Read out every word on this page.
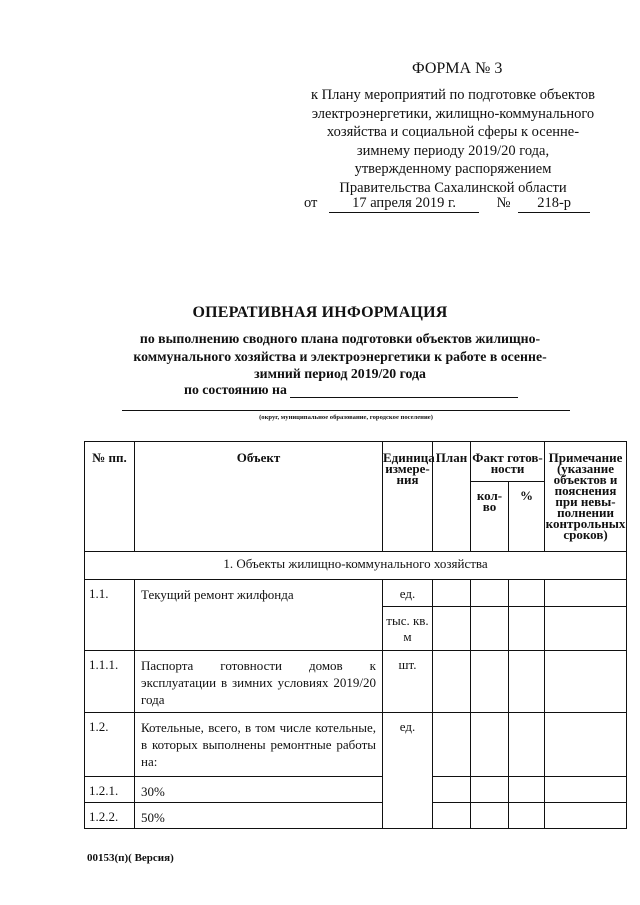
ФОРМА № 3
к Плану мероприятий по подготовке объектов
электроэнергетики, жилищно-коммунального
хозяйства и социальной сферы к осенне-
зимнему периоду 2019/20 года,
утвержденному распоряжением
Правительства Сахалинской области
от 17 апреля 2019 г.	№ 218-р
ОПЕРАТИВНАЯ ИНФОРМАЦИЯ
по выполнению сводного плана подготовки объектов жилищно-
коммунального хозяйства и электроэнергетики к работе в осенне-
зимний период 2019/20 года
по состоянию на
(округ, муниципальное образование, городское поселение)
№ пп.	Объект	Единица измере-ния	План	Факт готов-ности		Примечание (указание объектов и пояснения при невы-полнении контрольных сроков)
				кол-во	%	
1. Объекты жилищно-коммунального хозяйства						
1.1.	Текущий ремонт жилфонда	ед.				
		тыс. кв. м				
1.1.1.	Паспорта готовности домов к эксплуатации в зимних условиях 2019/20 года	шт.				
1.2.	Котельные, всего, в том числе котельные, в которых выполнены ремонтные работы на:	ед.				
1.2.1.	30%					
1.2.2.	50%					
00153(п)( Версия)
